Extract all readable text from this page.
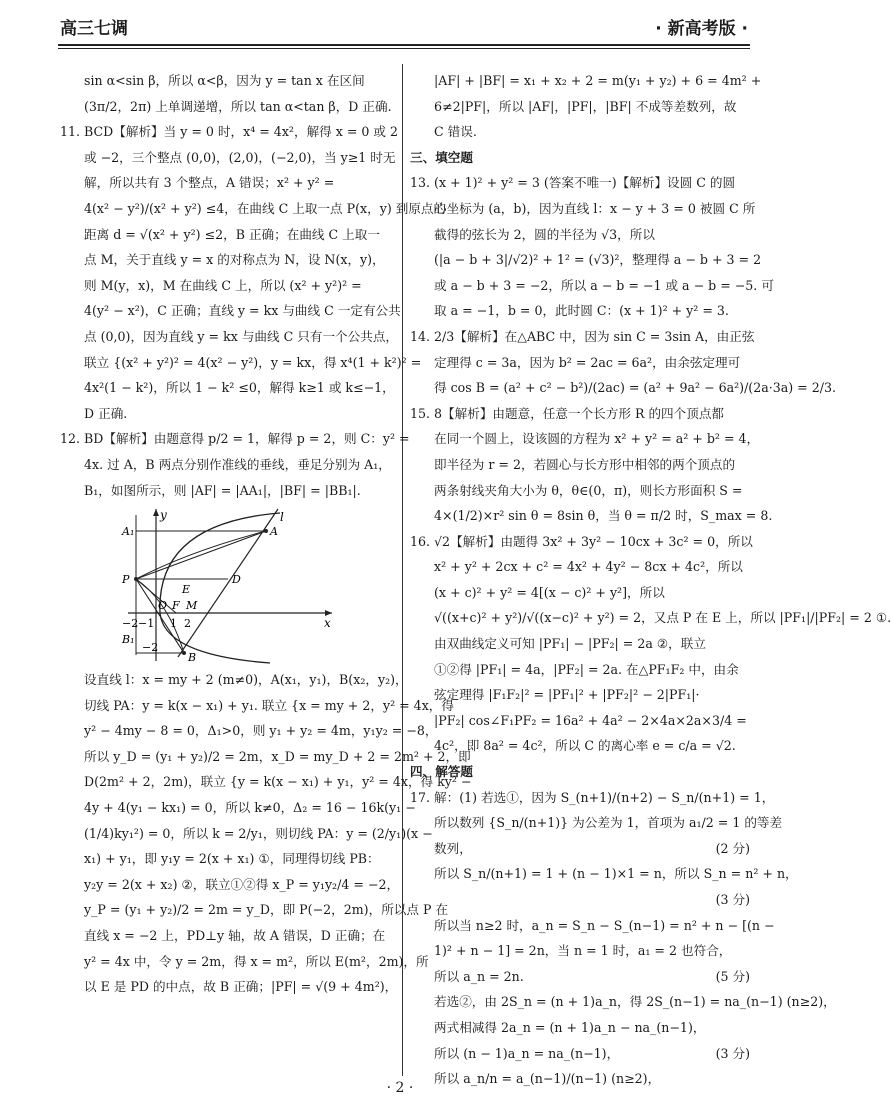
高三七调	· 新高考版 ·

sin α<sin β，所以 α<β，因为 y = tan x 在区间

(3π/2，2π) 上单调递增，所以 tan α<tan β，D 正确.

11. BCD【解析】当 y = 0 时，x⁴ = 4x²，解得 x = 0 或 2

或 −2，三个整点 (0,0)，(2,0)，(−2,0)，当 y≥1 时无

解，所以共有 3 个整点，A 错误；x² + y² =

4(x² − y²)/(x² + y²) ≤4，在曲线 C 上取一点 P(x，y) 到原点的

距离 d = √(x² + y²) ≤2，B 正确；在曲线 C 上取一

点 M，关于直线 y = x 的对称点为 N，设 N(x，y)，

则 M(y，x)，M 在曲线 C 上，所以 (x² + y²)² =

4(y² − x²)，C 正确；直线 y = kx 与曲线 C 一定有公共

点 (0,0)，因为直线 y = kx 与曲线 C 只有一个公共点，

联立 {(x² + y²)² = 4(x² − y²)，y = kx，得 x⁴(1 + k²)² =

4x²(1 − k²)，所以 1 − k² ≤0，解得 k≥1 或 k≤−1，

D 正确.

12. BD【解析】由题意得 p/2 = 1，解得 p = 2，则 C：y² =

4x. 过 A，B 两点分别作准线的垂线，垂足分别为 A₁，

B₁，如图所示，则 |AF| = |AA₁|，|BF| = |BB₁|.

y
x
l
A₁	A
P
E
D
O F M
−2 −1 1 2
B₁
−2
B

设直线 l：x = my + 2 (m≠0)，A(x₁，y₁)，B(x₂，y₂)，

切线 PA：y = k(x − x₁) + y₁. 联立 {x = my + 2，y² = 4x，得

y² − 4my − 8 = 0，Δ₁>0，则 y₁ + y₂ = 4m，y₁y₂ = −8，

所以 y_D = (y₁ + y₂)/2 = 2m，x_D = my_D + 2 = 2m² + 2，即

D(2m² + 2，2m)，联立 {y = k(x − x₁) + y₁，y² = 4x，得 ky² −

4y + 4(y₁ − kx₁) = 0，所以 k≠0，Δ₂ = 16 − 16k(y₁ −

(1/4)ky₁²) = 0，所以 k = 2/y₁，则切线 PA：y = (2/y₁)(x −

x₁) + y₁，即 y₁y = 2(x + x₁) ①，同理得切线 PB：

y₂y = 2(x + x₂) ②，联立①②得 x_P = y₁y₂/4 = −2，

y_P = (y₁ + y₂)/2 = 2m = y_D，即 P(−2，2m)，所以点 P 在

直线 x = −2 上，PD⊥y 轴，故 A 错误，D 正确；在

y² = 4x 中，令 y = 2m，得 x = m²，所以 E(m²，2m)，所

以 E 是 PD 的中点，故 B 正确；|PF| = √(9 + 4m²)，

|AF| + |BF| = x₁ + x₂ + 2 = m(y₁ + y₂) + 6 = 4m² +

6≠2|PF|，所以 |AF|，|PF|，|BF| 不成等差数列，故

C 错误.

三、填空题

13. (x + 1)² + y² = 3 (答案不唯一)【解析】设圆 C 的圆

心坐标为 (a，b)，因为直线 l：x − y + 3 = 0 被圆 C 所

截得的弦长为 2，圆的半径为 √3，所以

(|a − b + 3|/√2)² + 1² = (√3)²，整理得 a − b + 3 = 2

或 a − b + 3 = −2，所以 a − b = −1 或 a − b = −5. 可

取 a = −1，b = 0，此时圆 C：(x + 1)² + y² = 3.

14. 2/3【解析】在△ABC 中，因为 sin C = 3sin A，由正弦

定理得 c = 3a，因为 b² = 2ac = 6a²，由余弦定理可

得 cos B = (a² + c² − b²)/(2ac) = (a² + 9a² − 6a²)/(2a·3a) = 2/3.

15. 8【解析】由题意，任意一个长方形 R 的四个顶点都

在同一个圆上，设该圆的方程为 x² + y² = a² + b² = 4，

即半径为 r = 2，若圆心与长方形中相邻的两个顶点的

两条射线夹角大小为 θ，θ∈(0，π)，则长方形面积 S =

4×(1/2)×r² sin θ = 8sin θ，当 θ = π/2 时，S_max = 8.

16. √2【解析】由题得 3x² + 3y² − 10cx + 3c² = 0，所以

x² + y² + 2cx + c² = 4x² + 4y² − 8cx + 4c²，所以

(x + c)² + y² = 4[(x − c)² + y²]，所以

√((x+c)² + y²)/√((x−c)² + y²) = 2，又点 P 在 E 上，所以 |PF₁|/|PF₂| = 2 ①.

由双曲线定义可知 |PF₁| − |PF₂| = 2a ②，联立

①②得 |PF₁| = 4a，|PF₂| = 2a. 在△PF₁F₂ 中，由余

弦定理得 |F₁F₂|² = |PF₁|² + |PF₂|² − 2|PF₁|·

|PF₂| cos∠F₁PF₂ = 16a² + 4a² − 2×4a×2a×3/4 =

4c²，即 8a² = 4c²，所以 C 的离心率 e = c/a = √2.

四、解答题

17. 解：(1) 若选①，因为 S_(n+1)/(n+2) − S_n/(n+1) = 1，

所以数列 {S_n/(n+1)} 为公差为 1，首项为 a₁/2 = 1 的等差

数列，	(2 分)

所以 S_n/(n+1) = 1 + (n − 1)×1 = n，所以 S_n = n² + n，

(3 分)

所以当 n≥2 时，a_n = S_n − S_(n−1) = n² + n − [(n −

1)² + n − 1] = 2n，当 n = 1 时，a₁ = 2 也符合，

所以 a_n = 2n.	(5 分)

若选②，由 2S_n = (n + 1)a_n，得 2S_(n−1) = na_(n−1) (n≥2)，

两式相减得 2a_n = (n + 1)a_n − na_(n−1)，

所以 (n − 1)a_n = na_(n−1)，	(3 分)

所以 a_n/n = a_(n−1)/(n−1) (n≥2)，

· 2 ·
